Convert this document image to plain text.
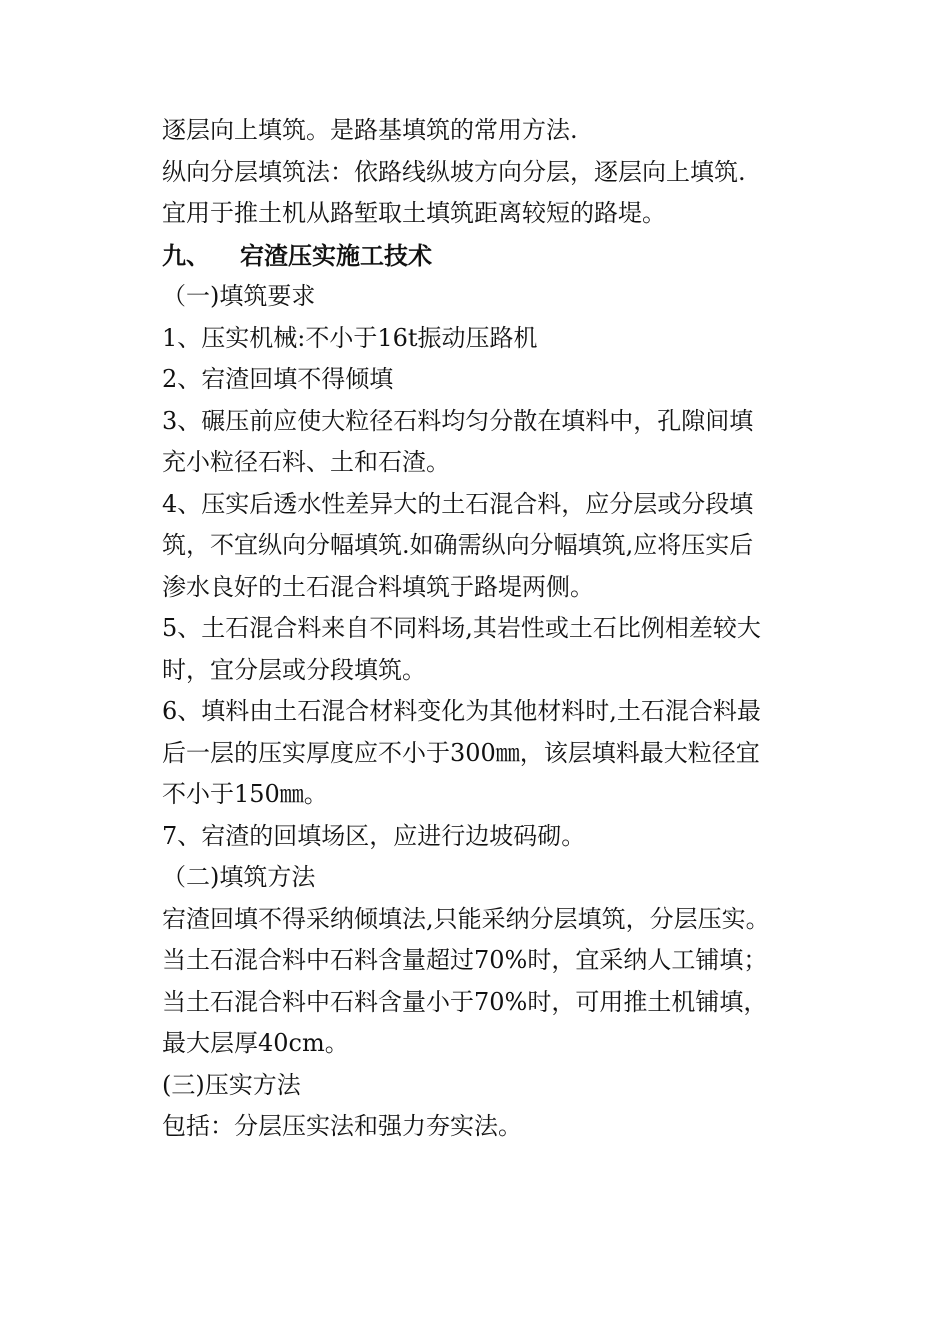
逐层向上填筑。是路基填筑的常用方法.

纵向分层填筑法：依路线纵坡方向分层，逐层向上填筑.

宜用于推土机从路堑取土填筑距离较短的路堤。

九、 宕渣压实施工技术

（一)填筑要求

1、压实机械:不小于16t振动压路机

2、宕渣回填不得倾填

3、碾压前应使大粒径石料均匀分散在填料中，孔隙间填

充小粒径石料、土和石渣。

4、压实后透水性差异大的土石混合料，应分层或分段填

筑，不宜纵向分幅填筑.如确需纵向分幅填筑,应将压实后

渗水良好的土石混合料填筑于路堤两侧。

5、土石混合料来自不同料场,其岩性或土石比例相差较大

时，宜分层或分段填筑。

6、填料由土石混合材料变化为其他材料时,土石混合料最

后一层的压实厚度应不小于300㎜，该层填料最大粒径宜

不小于150㎜。

7、宕渣的回填场区，应进行边坡码砌。

（二)填筑方法

宕渣回填不得采纳倾填法,只能采纳分层填筑，分层压实。

当土石混合料中石料含量超过70%时，宜采纳人工铺填；

当土石混合料中石料含量小于70%时，可用推土机铺填，

最大层厚40cm。

(三)压实方法

包括：分层压实法和强力夯实法。
